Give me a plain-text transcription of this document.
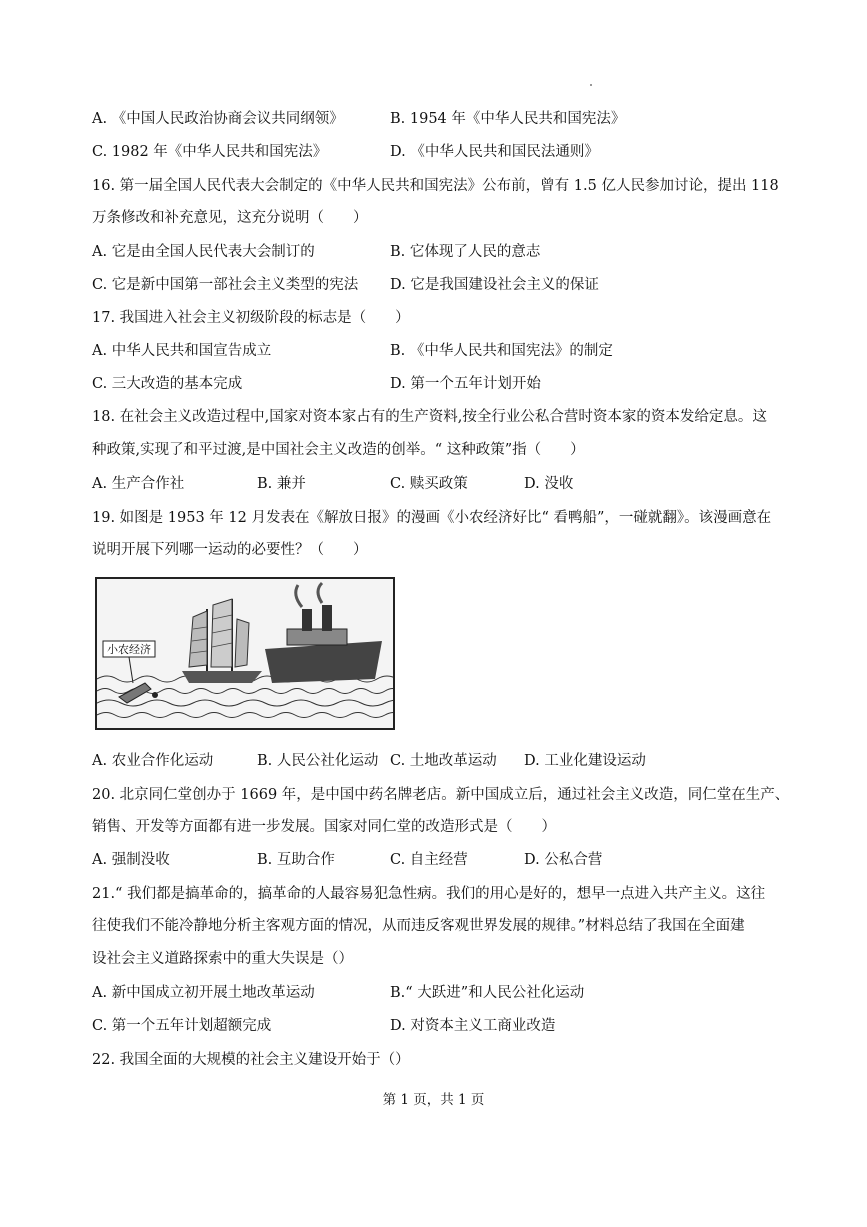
A. 《中国人民政治协商会议共同纲领》	B. 1954 年《中华人民共和国宪法》
C. 1982 年《中华人民共和国宪法》	D. 《中华人民共和国民法通则》
16. 第一届全国人民代表大会制定的《中华人民共和国宪法》公布前，曾有 1.5 亿人民参加讨论，提出 118
万条修改和补充意见，这充分说明（　　）
A. 它是由全国人民代表大会制订的	B. 它体现了人民的意志
C. 它是新中国第一部社会主义类型的宪法 D. 它是我国建设社会主义的保证
17. 我国进入社会主义初级阶段的标志是（　　）
A. 中华人民共和国宣告成立	B. 《中华人民共和国宪法》的制定
C. 三大改造的基本完成	D. 第一个五年计划开始
18. 在社会主义改造过程中,国家对资本家占有的生产资料,按全行业公私合营时资本家的资本发给定息。这
种政策,实现了和平过渡,是中国社会主义改造的创举。“ 这种政策”指（　　）
A. 生产合作社	B. 兼并	C. 赎买政策	D. 没收
19. 如图是 1953 年 12 月发表在《解放日报》的漫画《小农经济好比“ 看鸭船”，一碰就翻》。该漫画意在
说明开展下列哪一运动的必要性？（　　）
小农经济
A. 农业合作化运动	B. 人民公社化运动 C. 土地改革运动 D. 工业化建设运动
20. 北京同仁堂创办于 1669 年，是中国中药名牌老店。新中国成立后，通过社会主义改造，同仁堂在生产、
销售、开发等方面都有进一步发展。国家对同仁堂的改造形式是（　　）
A. 强制没收	B. 互助合作	C. 自主经营	D. 公私合营
21.“ 我们都是搞革命的，搞革命的人最容易犯急性病。我们的用心是好的，想早一点进入共产主义。这往
往使我们不能冷静地分析主客观方面的情况，从而违反客观世界发展的规律。”材料总结了我国在全面建
设社会主义道路探索中的重大失误是（）
A. 新中国成立初开展土地改革运动	B.“ 大跃进”和人民公社化运动
C. 第一个五年计划超额完成	D. 对资本主义工商业改造
22. 我国全面的大规模的社会主义建设开始于（）
第 1 页，共 1 页
